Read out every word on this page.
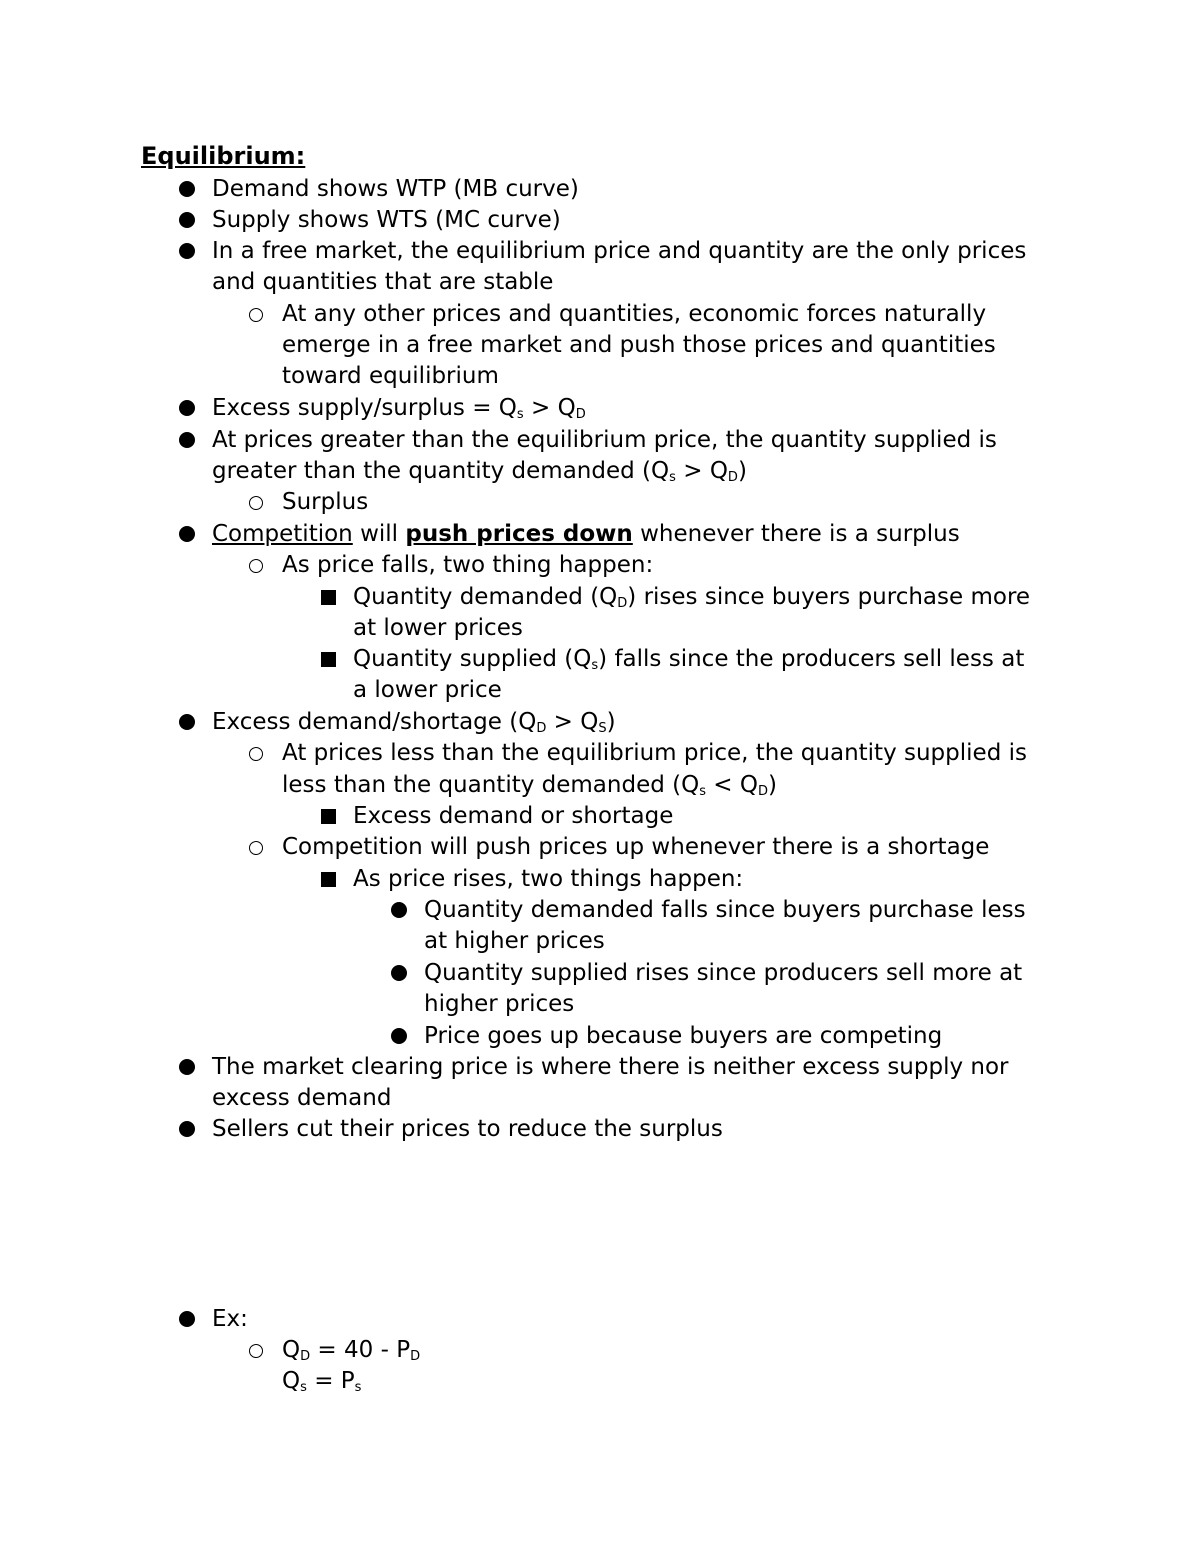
Equilibrium:
Demand shows WTP (MB curve)
Supply shows WTS (MC curve)
In a free market, the equilibrium price and quantity are the only prices
and quantities that are stable
At any other prices and quantities, economic forces naturally
emerge in a free market and push those prices and quantities
toward equilibrium
Excess supply/surplus = $Q_s > Q_D$
At prices greater than the equilibrium price, the quantity supplied is
greater than the quantity demanded $(Q_s > Q_D)$
Surplus
Competition will push prices down whenever there is a surplus
As price falls, two thing happen:
Quantity demanded $(Q_D)$ rises since buyers purchase more
at lower prices
Quantity supplied $(Q_s)$ falls since the producers sell less at
a lower price
Excess demand/shortage $(Q_D > Q_S)$
At prices less than the equilibrium price, the quantity supplied is
less than the quantity demanded $(Q_s < Q_D)$
Excess demand or shortage
Competition will push prices up whenever there is a shortage
As price rises, two things happen:
Quantity demanded falls since buyers purchase less
at higher prices
Quantity supplied rises since producers sell more at
higher prices
Price goes up because buyers are competing
The market clearing price is where there is neither excess supply nor
excess demand
Sellers cut their prices to reduce the surplus
Ex:
$Q_D = 40 - P_D$
$Q_s = P_s$
